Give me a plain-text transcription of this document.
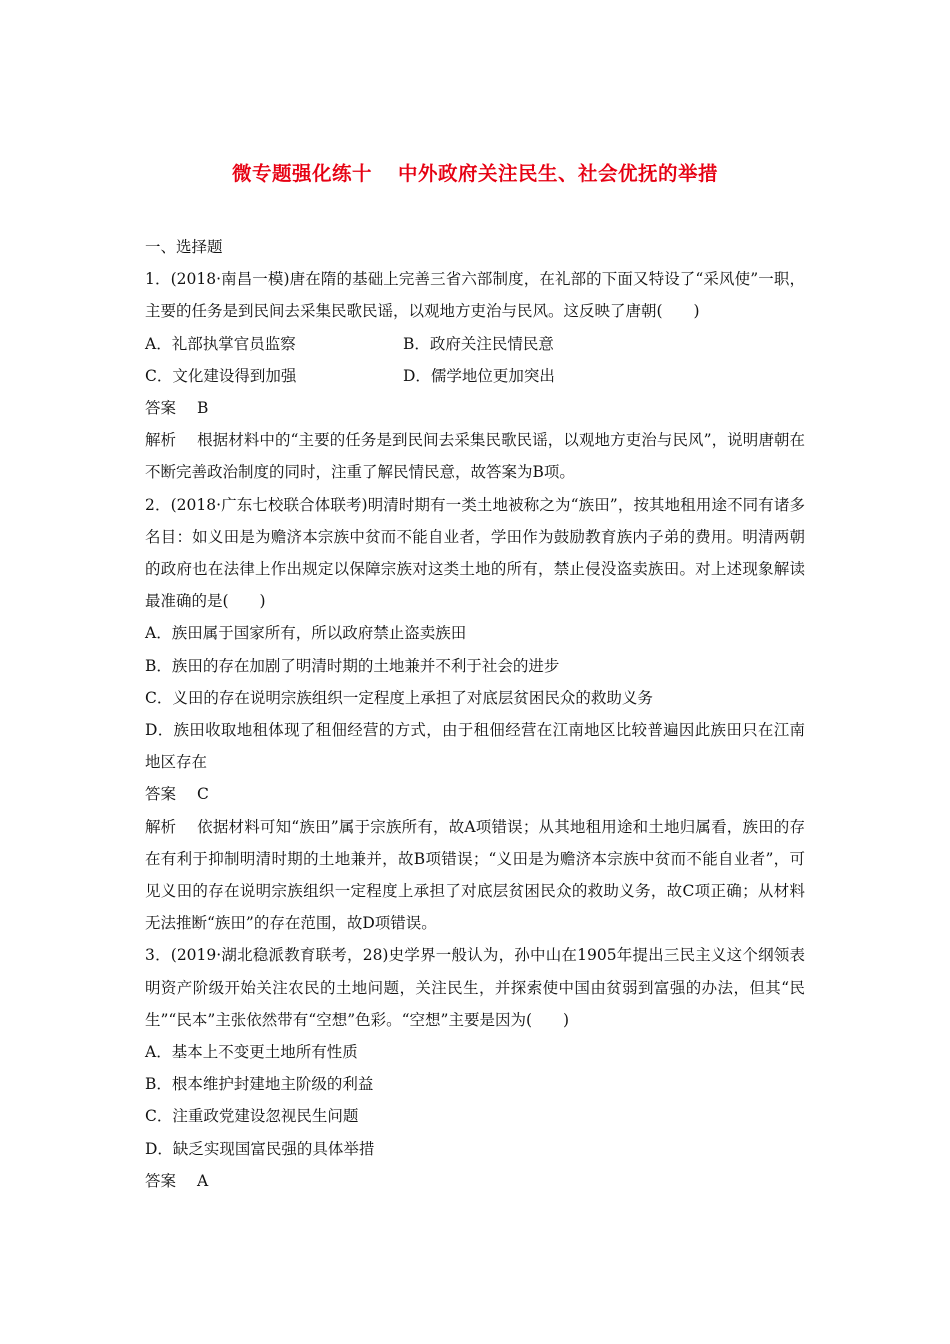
微专题强化练十 中外政府关注民生、社会优抚的举措
一、选择题
1．(2018·南昌一模)唐在隋的基础上完善三省六部制度，在礼部的下面又特设了“采风使”一职，主要的任务是到民间去采集民歌民谣，以观地方吏治与民风。这反映了唐朝(　　)
A．礼部执掌官员监察	B．政府关注民情民意
C．文化建设得到加强	D．儒学地位更加突出
答案 B
解析 根据材料中的“主要的任务是到民间去采集民歌民谣，以观地方吏治与民风”，说明唐朝在不断完善政治制度的同时，注重了解民情民意，故答案为B项。
2．(2018·广东七校联合体联考)明清时期有一类土地被称之为“族田”，按其地租用途不同有诸多名目：如义田是为赡济本宗族中贫而不能自业者，学田作为鼓励教育族内子弟的费用。明清两朝的政府也在法律上作出规定以保障宗族对这类土地的所有，禁止侵没盗卖族田。对上述现象解读最准确的是(　　)
A．族田属于国家所有，所以政府禁止盗卖族田
B．族田的存在加剧了明清时期的土地兼并不利于社会的进步
C．义田的存在说明宗族组织一定程度上承担了对底层贫困民众的救助义务
D．族田收取地租体现了租佃经营的方式，由于租佃经营在江南地区比较普遍因此族田只在江南地区存在
答案 C
解析 依据材料可知“族田”属于宗族所有，故A项错误；从其地租用途和土地归属看，族田的存在有利于抑制明清时期的土地兼并，故B项错误；“义田是为赡济本宗族中贫而不能自业者”，可见义田的存在说明宗族组织一定程度上承担了对底层贫困民众的救助义务，故C项正确；从材料无法推断“族田”的存在范围，故D项错误。
3．(2019·湖北稳派教育联考，28)史学界一般认为，孙中山在1905年提出三民主义这个纲领表明资产阶级开始关注农民的土地问题，关注民生，并探索使中国由贫弱到富强的办法，但其“民生”“民本”主张依然带有“空想”色彩。“空想”主要是因为(　　)
A．基本上不变更土地所有性质
B．根本维护封建地主阶级的利益
C．注重政党建设忽视民生问题
D．缺乏实现国富民强的具体举措
答案 A
